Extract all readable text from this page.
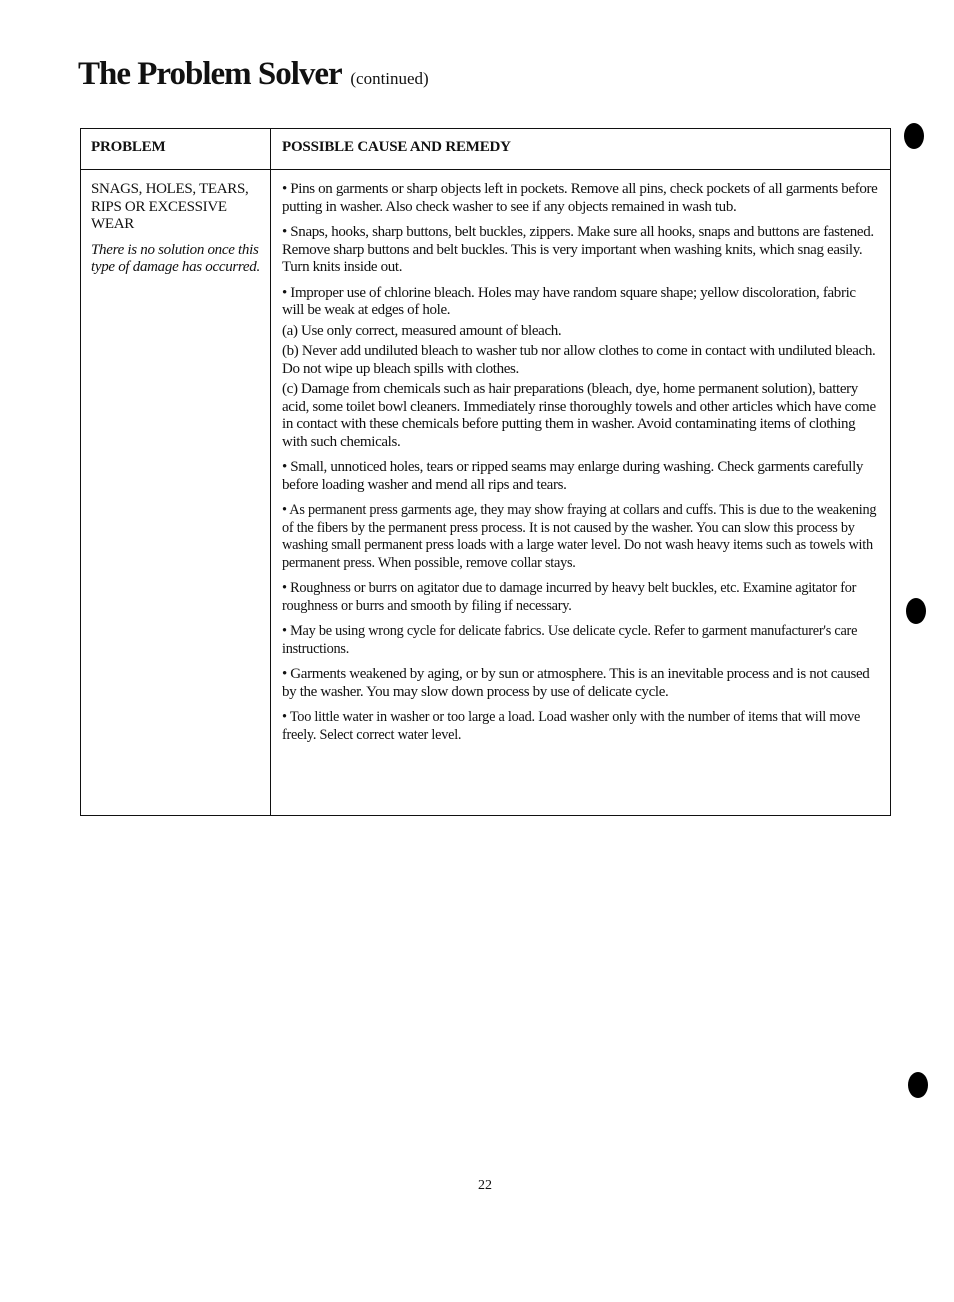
The Problem Solver (continued)
PROBLEM	POSSIBLE CAUSE AND REMEDY

SNAGS, HOLES, TEARS, RIPS OR EXCESSIVE WEAR

There is no solution once this type of damage has occurred.

• Pins on garments or sharp objects left in pockets. Remove all pins, check pockets of all garments before putting in washer. Also check washer to see if any objects remained in wash tub.

• Snaps, hooks, sharp buttons, belt buckles, zippers. Make sure all hooks, snaps and buttons are fastened. Remove sharp buttons and belt buckles. This is very important when washing knits, which snag easily. Turn knits inside out.

• Improper use of chlorine bleach. Holes may have random square shape; yellow discoloration, fabric will be weak at edges of hole.

(a) Use only correct, measured amount of bleach.

(b) Never add undiluted bleach to washer tub nor allow clothes to come in contact with undiluted bleach. Do not wipe up bleach spills with clothes.

(c) Damage from chemicals such as hair preparations (bleach, dye, home permanent solution), battery acid, some toilet bowl cleaners. Immediately rinse thoroughly towels and other articles which have come in contact with these chemicals before putting them in washer. Avoid contaminating items of clothing with such chemicals.

• Small, unnoticed holes, tears or ripped seams may enlarge during washing. Check garments carefully before loading washer and mend all rips and tears.

• As permanent press garments age, they may show fraying at collars and cuffs. This is due to the weakening of the fibers by the permanent press process. It is not caused by the washer. You can slow this process by washing small permanent press loads with a large water level. Do not wash heavy items such as towels with permanent press. When possible, remove collar stays.

• Roughness or burrs on agitator due to damage incurred by heavy belt buckles, etc. Examine agitator for roughness or burrs and smooth by filing if necessary.

• May be using wrong cycle for delicate fabrics. Use delicate cycle. Refer to garment manufacturer's care instructions.

• Garments weakened by aging, or by sun or atmosphere. This is an inevitable process and is not caused by the washer. You may slow down process by use of delicate cycle.

• Too little water in washer or too large a load. Load washer only with the number of items that will move freely. Select correct water level.

22
